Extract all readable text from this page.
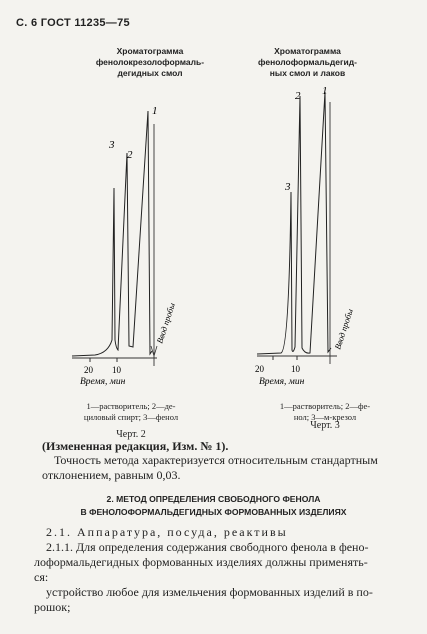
С. 6 ГОСТ 11235—75
Хроматограмма
фенолокрезолоформаль-
дегидных смол
1
2
3
20 10
Время, мин
Ввод пробы
1—растворитель; 2—де-
циловый спирт; 3—фенол
Черт. 2
Хроматограмма
фенолоформальдегид-
ных смол и лаков
1
2
3
20	10
Время, мин
Ввод пробы
1—растворитель; 2—фе-
нол; 3—м-крезол
Черт. 3
(Измененная редакция, Изм. № 1).
Точность метода характеризуется относительным стандартным
отклонением, равным 0,03.
2. МЕТОД ОПРЕДЕЛЕНИЯ СВОБОДНОГО ФЕНОЛА
В ФЕНОЛОФОРМАЛЬДЕГИДНЫХ ФОРМОВАННЫХ ИЗДЕЛИЯХ
2.1. Аппаратура, посуда, реактивы
2.1.1. Для определения содержания свободного фенола в фено-
лоформальдегидных формованных изделиях должны применять-
ся:
устройство любое для измельчения формованных изделий в по-
рошок;
